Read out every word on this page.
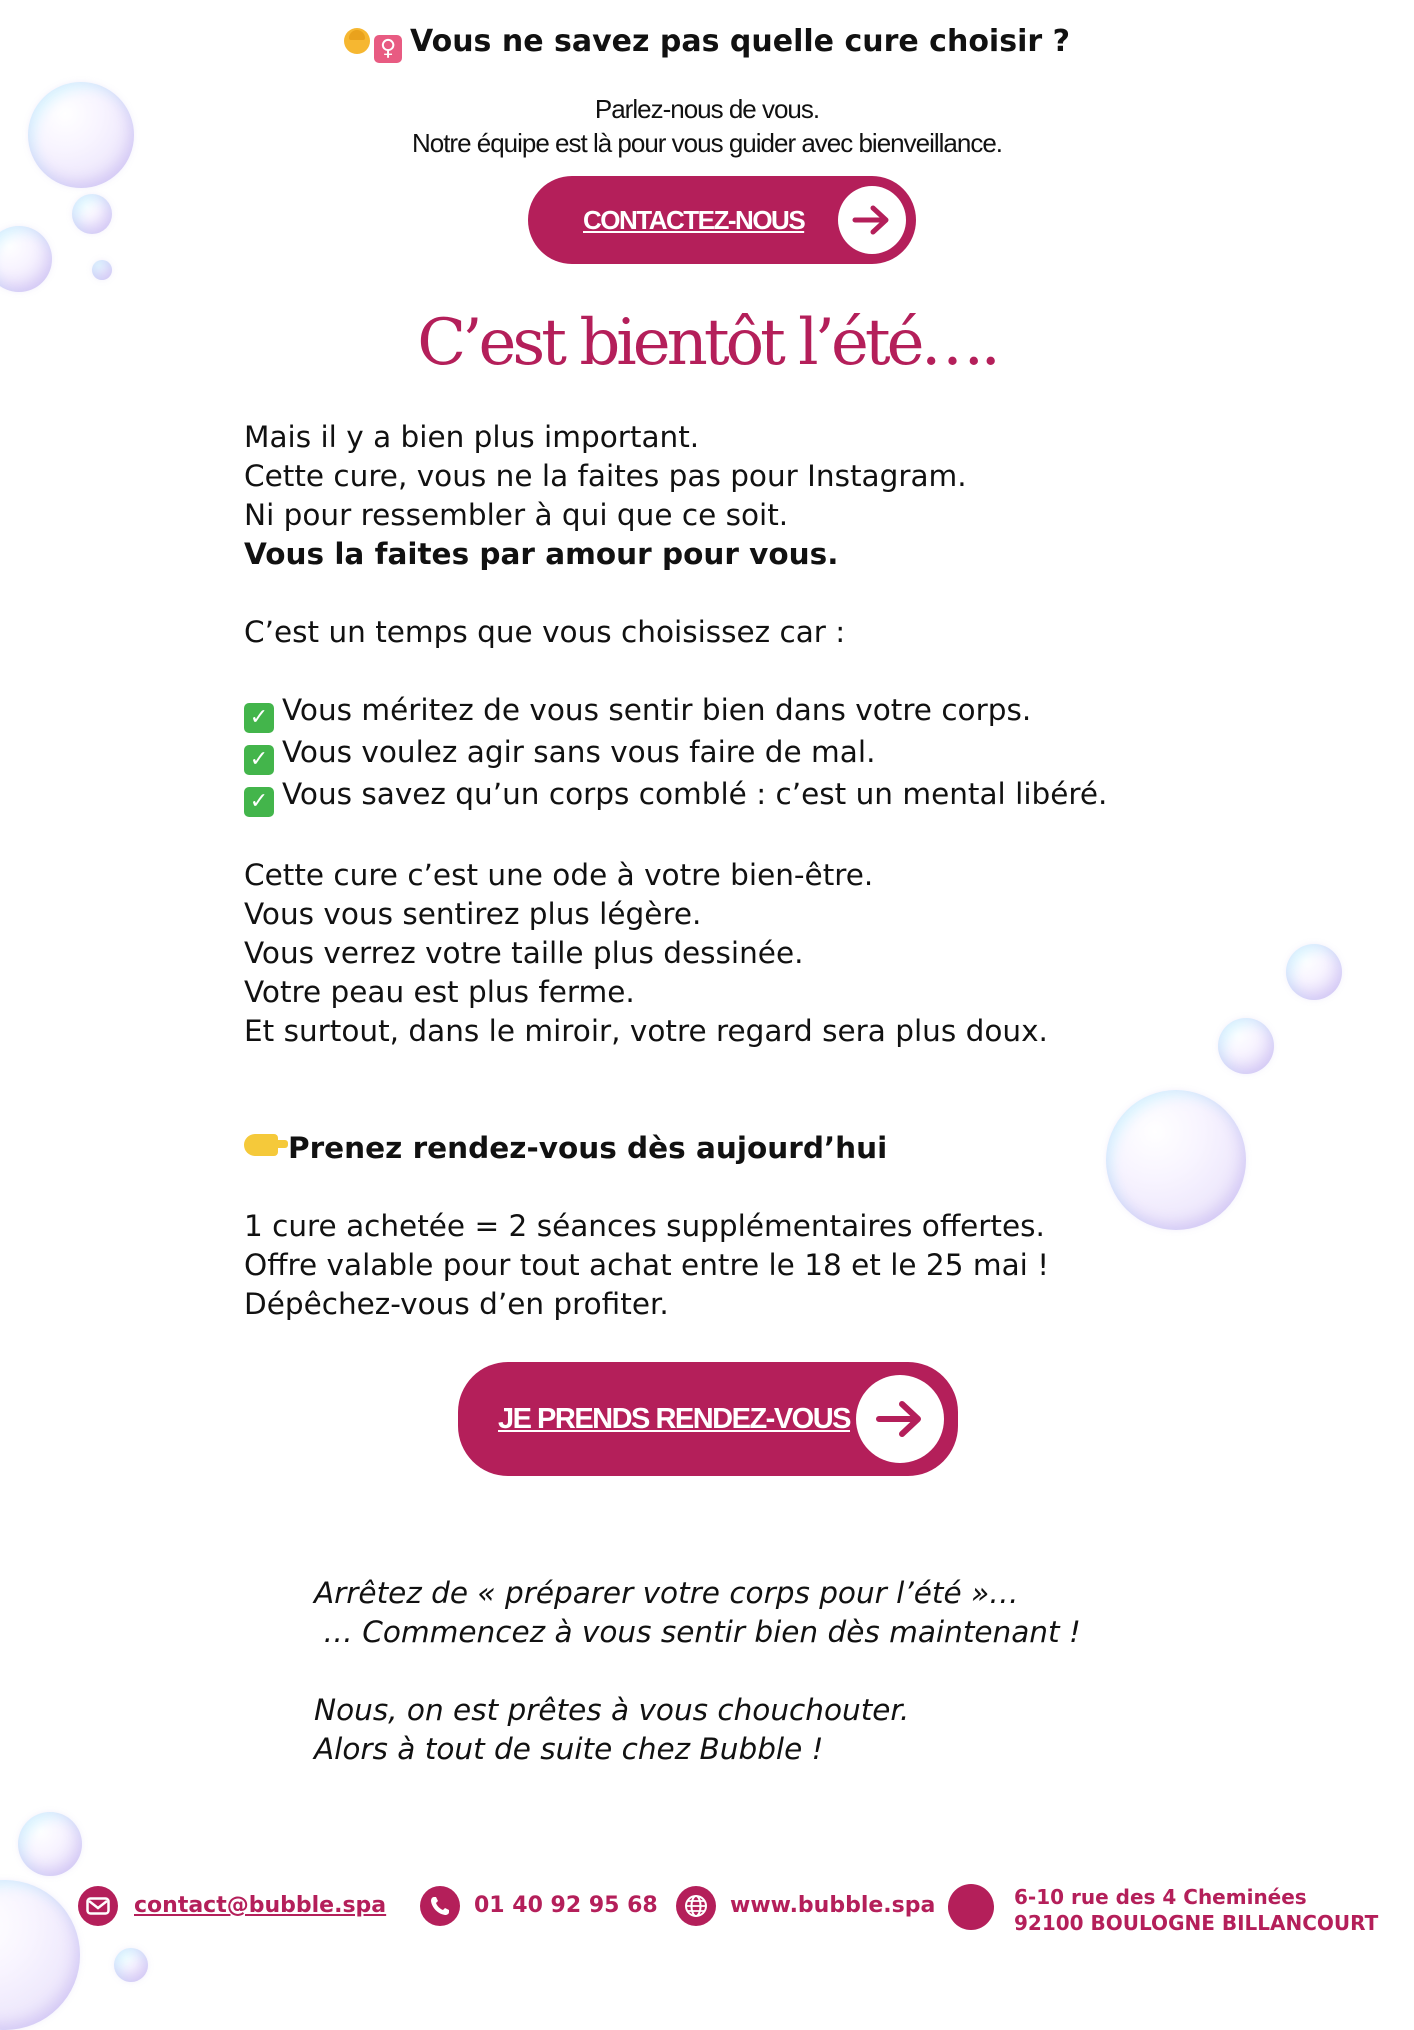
♀ Vous ne savez pas quelle cure choisir ?
Parlez-nous de vous.
Notre équipe est là pour vous guider avec bienveillance.
CONTACTEZ-NOUS
C’est bientôt l’été….

Mais il y a bien plus important.

Cette cure, vous ne la faites pas pour Instagram.

Ni pour ressembler à qui que ce soit.

Vous la faites par amour pour vous.

C’est un temps que vous choisissez car :

✓ Vous méritez de vous sentir bien dans votre corps.

✓ Vous voulez agir sans vous faire de mal.

✓ Vous savez qu’un corps comblé : c’est un mental libéré.

Cette cure c’est une ode à votre bien-être.

Vous vous sentirez plus légère.

Vous verrez votre taille plus dessinée.

Votre peau est plus ferme.

Et surtout, dans le miroir, votre regard sera plus doux.

Prenez rendez-vous dès aujourd’hui

1 cure achetée = 2 séances supplémentaires offertes.

Offre valable pour tout achat entre le 18 et le 25 mai !

Dépêchez-vous d’en profiter.

JE PRENDS RENDEZ-VOUS

Arrêtez de « préparer votre corps pour l’été »…

… Commencez à vous sentir bien dès maintenant !

Nous, on est prêtes à vous chouchouter.

Alors à tout de suite chez Bubble !

contact@bubble.spa	01 40 92 95 68	www.bubble.spa	6-10 rue des 4 Cheminées
92100 BOULOGNE BILLANCOURT
